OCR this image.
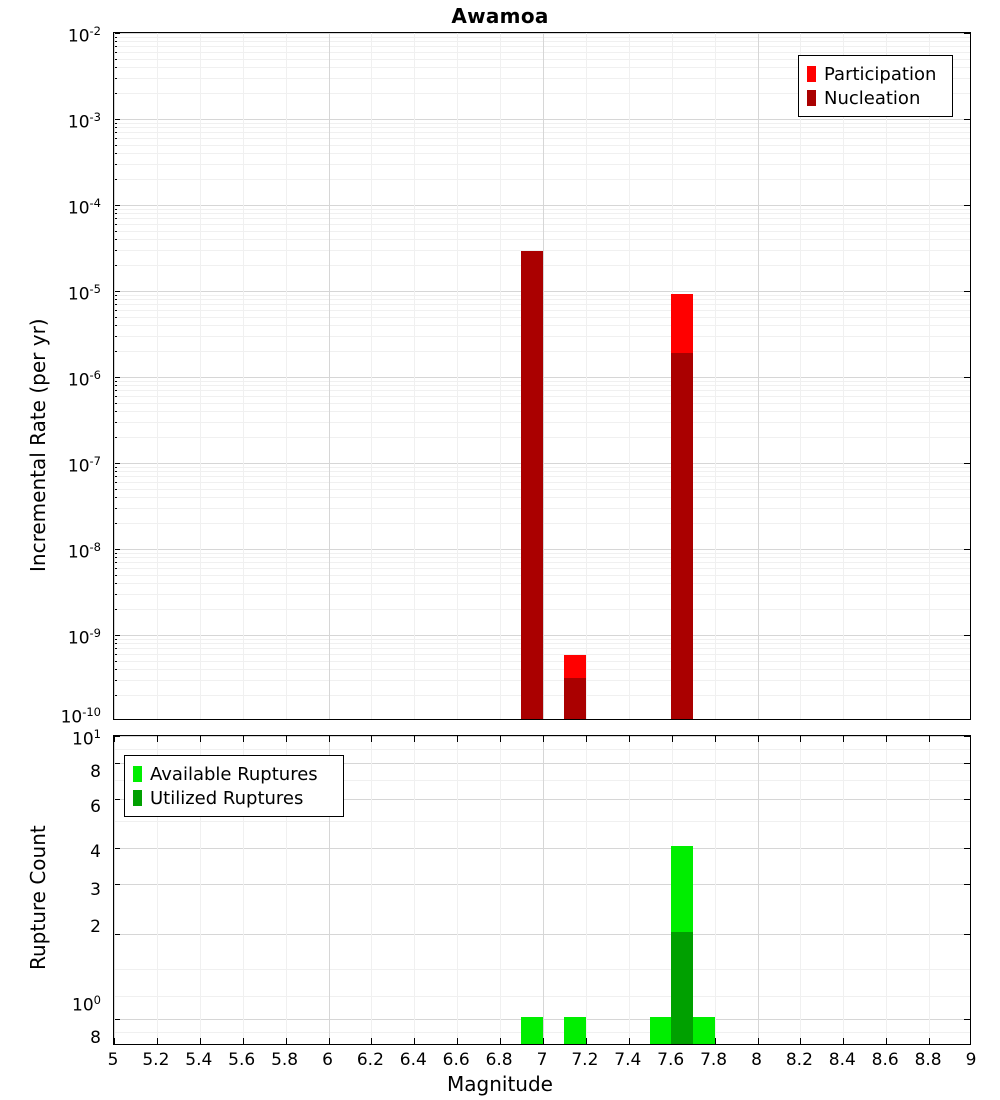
Awamoa
Incremental Rate (per yr)
$10^{-2}$
$10^{-3}$
$10^{-4}$
$10^{-5}$
$10^{-6}$
$10^{-7}$
$10^{-8}$
$10^{-9}$
$10^{-10}$
Rupture Count
$10^1$
8
6
4
3
2
$10^0$
8
5	5.2 5.4 5.6 5.8	6	6.2 6.4 6.6 6.8	7	7.2 7.4 7.6 7.8	8	8.2 8.4 8.6 8.8	9
Magnitude
Participation
Nucleation
Available Ruptures
Utilized Ruptures
